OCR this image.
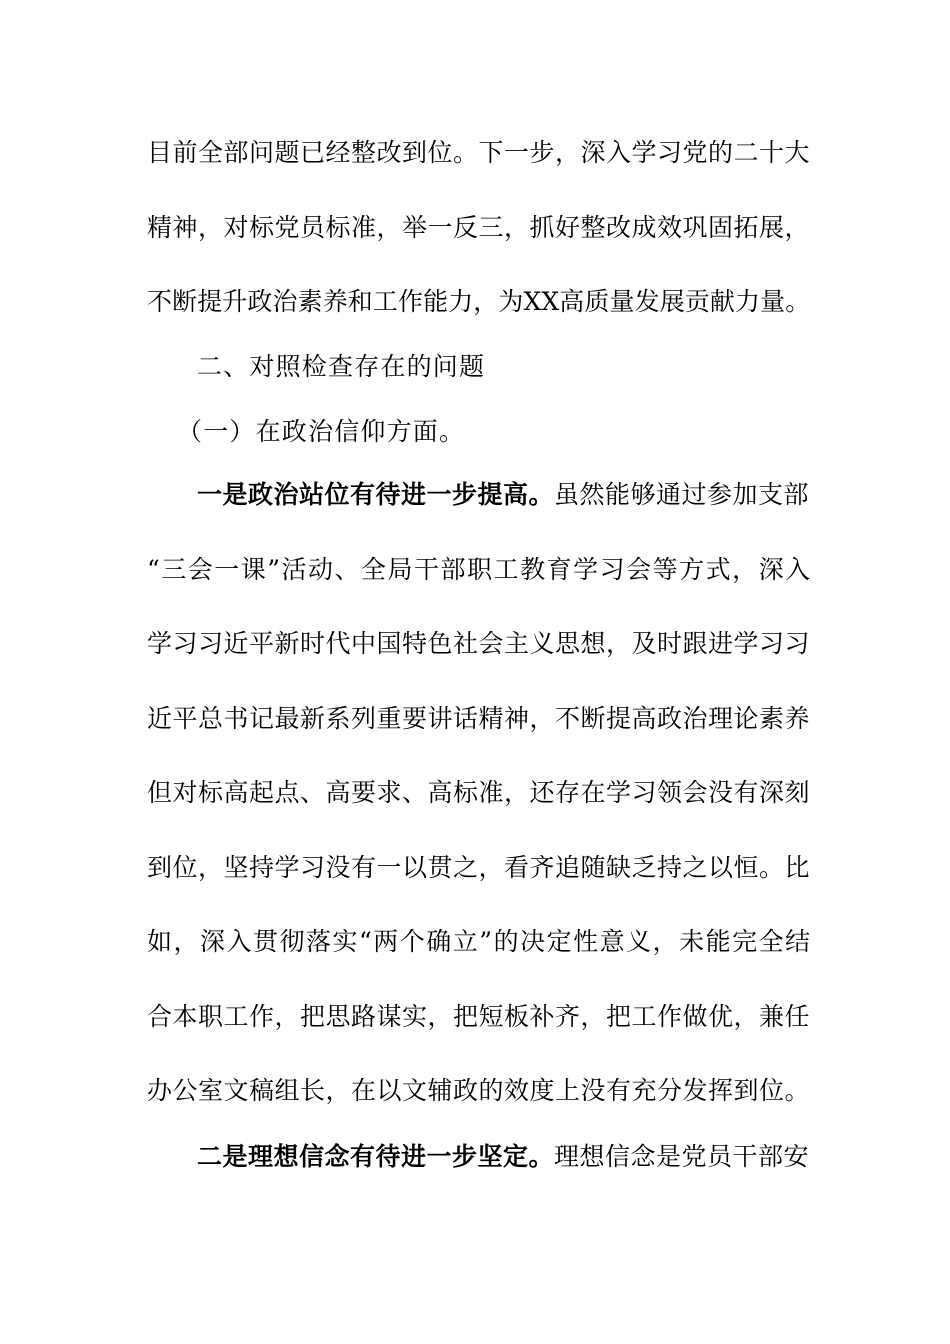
目前全部问题已经整改到位。下一步，深入学习党的二十大
精神，对标党员标准，举一反三，抓好整改成效巩固拓展，
不断提升政治素养和工作能力，为XX高质量发展贡献力量。
二、对照检查存在的问题
（一）在政治信仰方面。
一是政治站位有待进一步提高。虽然能够通过参加支部
“三会一课”活动、全局干部职工教育学习会等方式，深入
学习习近平新时代中国特色社会主义思想，及时跟进学习习
近平总书记最新系列重要讲话精神，不断提高政治理论素养
但对标高起点、高要求、高标准，还存在学习领会没有深刻
到位，坚持学习没有一以贯之，看齐追随缺乏持之以恒。比
如，深入贯彻落实“两个确立”的决定性意义，未能完全结
合本职工作，把思路谋实，把短板补齐，把工作做优，兼任
办公室文稿组长，在以文辅政的效度上没有充分发挥到位。
二是理想信念有待进一步坚定。理想信念是党员干部安
